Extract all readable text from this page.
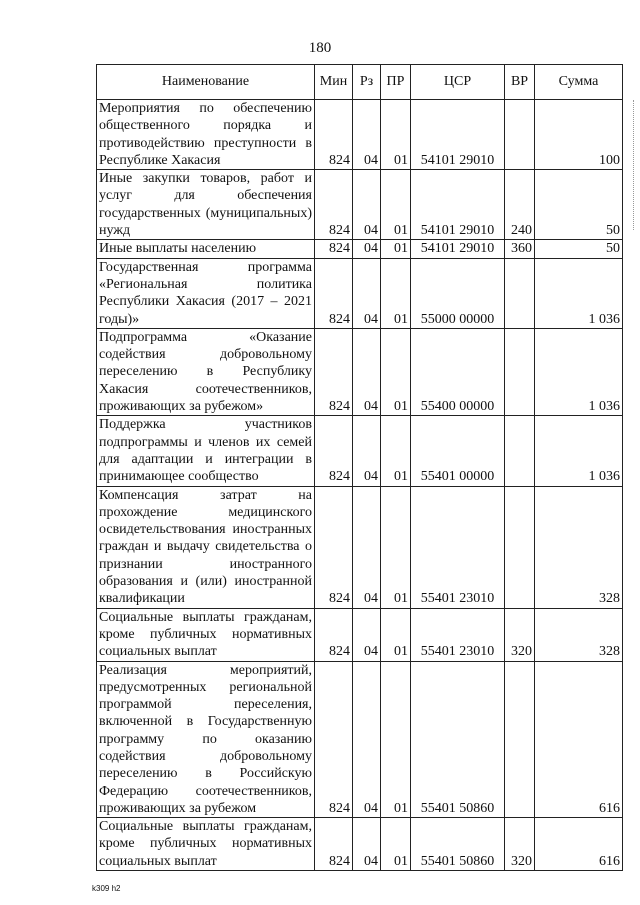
180
Наименование	Мин	Рз	ПР	ЦСР	ВР	Сумма
Мероприятия по обеспечению общественного порядка и противодействию преступности в Республике Хакасия	824	04	01	54101 29010		100
Иные закупки товаров, работ и услуг для обеспечения государственных (муниципальных) нужд	824	04	01	54101 29010	240	50
Иные выплаты населению	824	04	01	54101 29010	360	50
Государственная программа «Региональная политика Республики Хакасия (2017 – 2021 годы)»	824	04	01	55000 00000		1 036
Подпрограмма «Оказание содействия добровольному переселению в Республику Хакасия соотечественников, проживающих за рубежом»	824	04	01	55400 00000		1 036
Поддержка участников подпрограммы и членов их семей для адаптации и интеграции в принимающее сообщество	824	04	01	55401 00000		1 036
Компенсация затрат на прохождение медицинского освидетельствования иностранных граждан и выдачу свидетельства о признании иностранного образования и (или) иностранной квалификации	824	04	01	55401 23010		328
Социальные выплаты гражданам, кроме публичных нормативных социальных выплат	824	04	01	55401 23010	320	328
Реализация мероприятий, предусмотренных региональной программой переселения, включенной в Государственную программу по оказанию содействия добровольному переселению в Российскую Федерацию соотечественников, проживающих за рубежом	824	04	01	55401 50860		616
Социальные выплаты гражданам, кроме публичных нормативных социальных выплат	824	04	01	55401 50860	320	616
k309 h2
